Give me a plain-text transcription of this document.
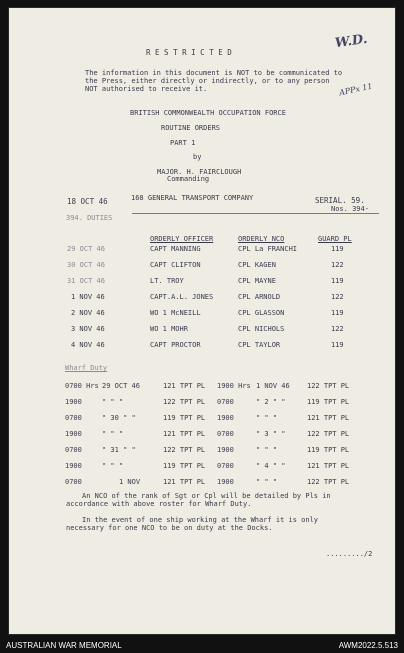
W.D.
APPx 11
R E S T R I C T E D
The information in this document is NOT to be communicated to
the Press, either directly or indirectly, or to any person
NOT authorised to receive it.
BRITISH COMMONWEALTH OCCUPATION FORCE
ROUTINE ORDERS
PART 1
by
MAJOR. H. FAIRCLOUGH
Commanding
18 OCT 46	168 GENERAL TRANSPORT COMPANY	SERIAL. 59.
Nos. 394-
394. DUTIES
ORDERLY OFFICER	ORDERLY NCO	GUARD PL
29 OCT 46	CAPT MANNING	CPL La FRANCHI	119
30 OCT 46	CAPT CLIFTON	CPL KAGEN	122
31 OCT 46	LT. TROY	CPL MAYNE	119
1 NOV 46	CAPT.A.L. JONES	CPL ARNOLD	122
2 NOV 46	WO 1 McNEILL	CPL GLASSON	119
3 NOV 46	WO 1 MOHR	CPL NICHOLS	122
4 NOV 46	CAPT PROCTOR	CPL TAYLOR	119
Wharf Duty
0700 Hrs 29 OCT 46	121 TPT PL 1900 Hrs 1 NOV 46 122 TPT PL
1900	" " "	122 TPT PL 0700	" 2 " "	119 TPT PL
0700	" 30 " "	119 TPT PL 1900	" " "	121 TPT PL
1900	" " "	121 TPT PL 0700	" 3 " "	122 TPT PL
0700	" 31 " "	122 TPT PL 1900	" " "	119 TPT PL
1900	" " "	119 TPT PL 0700	" 4 " "	121 TPT PL
0700	1 NOV	121 TPT PL 1900	" " "	122 TPT PL
An NCO of the rank of Sgt or Cpl will be detailed by Pls in
accordance with above roster for Wharf Duty.
In the event of one ship working at the Wharf it is only
necessary for one NCO to be on duty at the Docks.
........./2
AUSTRALIAN WAR MEMORIAL	AWM2022.5.513
